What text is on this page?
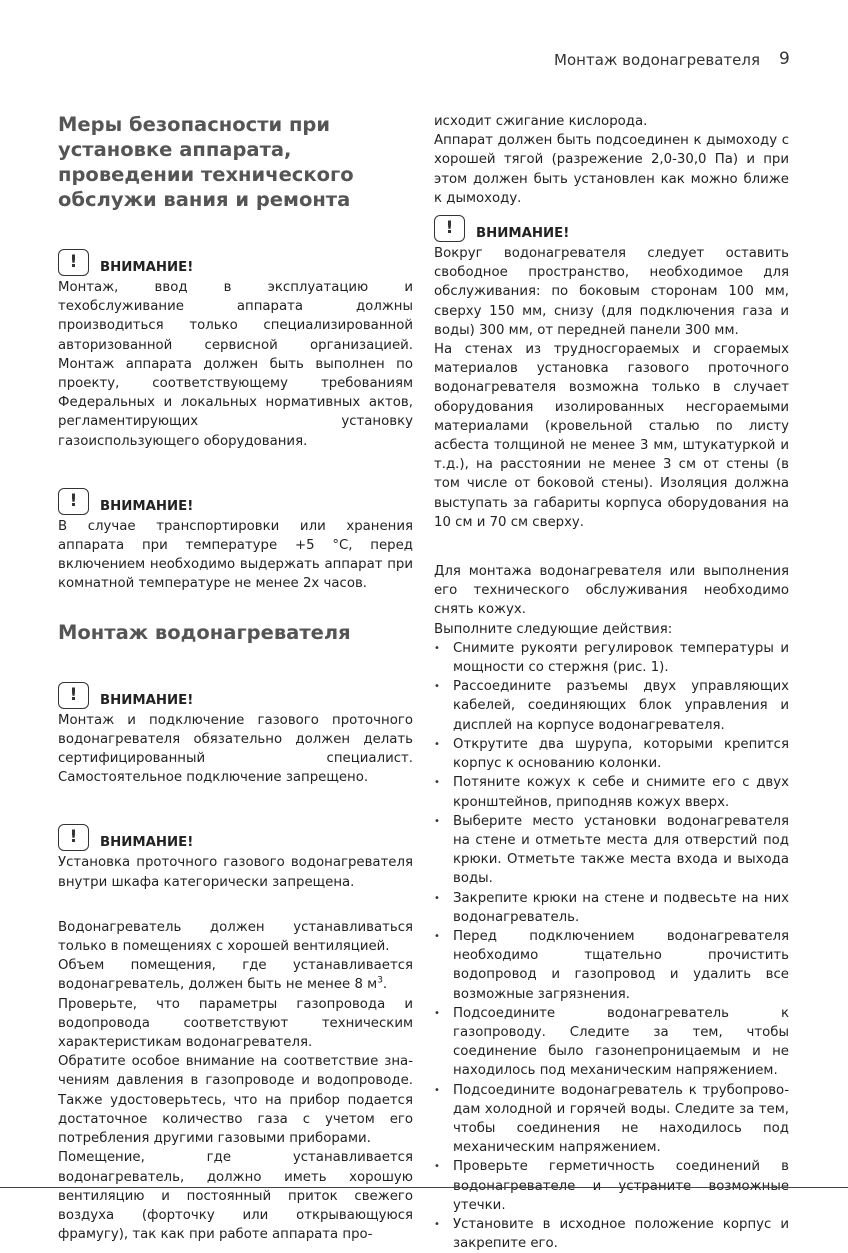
Монтаж водонагревателя 9
Меры безопасности при установке аппарата, проведении технического обслужи вания и ремонта
!	ВНИМАНИЕ!

Монтаж, ввод в эксплуатацию и техобслуживание аппарата должны производиться только специализированной авторизованной сервисной организацией. Монтаж аппарата должен быть выполнен по проекту, соответствующему требованиям Федеральных и локальных нормативных актов, регламентирующих установку газоиспользующего оборудования.

!	ВНИМАНИЕ!

В случае транспортировки или хранения аппарата при температуре +5 °С, перед включением необходимо выдержать аппарат при комнатной температуре не менее 2х часов.

Монтаж водонагревателя
!	ВНИМАНИЕ!

Монтаж и подключение газового проточного водонагревателя обязательно должен делать сертифицированный специалист. Самостоятельное подключение запрещено.

!	ВНИМАНИЕ!

Установка проточного газового водонагревателя внутри шкафа категорически запрещена.

Водонагреватель должен устанавливаться только в помещениях с хорошей вентиляцией.

Объем помещения, где устанавливается водонагреватель, должен быть не менее 8 $м^3$.

Проверьте, что параметры газопровода и водопровода соответствуют техническим характеристикам водонагревателя.

Обратите особое внимание на соответствие значениям давления в газопроводе и водопроводе. Также удостоверьтесь, что на прибор подается достаточное количество газа с учетом его потребления другими газовыми приборами.

Помещение, где устанавливается водонагреватель, должно иметь хорошую вентиляцию и постоянный приток свежего воздуха (форточку или открывающуюся фрамугу), так как при работе аппарата про-

исходит сжигание кислорода.

Аппарат должен быть подсоединен к дымоходу с хорошей тягой (разрежение 2,0-30,0 Па) и при этом должен быть установлен как можно ближе к дымоходу.

!	ВНИМАНИЕ!

Вокруг водонагревателя следует оставить свободное пространство, необходимое для обслуживания: по боковым сторонам 100 мм, сверху 150 мм, снизу (для подключения газа и воды) 300 мм, от передней панели 300 мм.

На стенах из трудносгораемых и сгораемых материалов установка газового проточного водонагревателя возможна только в случает оборудования изолированных несгораемыми материалами (кровельной сталью по листу асбеста толщиной не менее 3 мм, штукатуркой и т.д.), на расстоянии не менее 3 см от стены (в том числе от боковой стены). Изоляция должна выступать за габариты корпуса оборудования на 10 см и 70 см сверху.

Для монтажа водонагревателя или выполнения его технического обслуживания необходимо снять кожух.

Выполните следующие действия:

• Снимите рукояти регулировок температуры и мощности со стержня (рис. 1).
• Рассоедините разъемы двух управляющих кабелей, соединяющих блок управления и дисплей на корпусе водонагревателя.
• Открутите два шурупа, которыми крепится корпус к основанию колонки.
• Потяните кожух к себе и снимите его с двух кронштейнов, приподняв кожух вверх.
• Выберите место установки водонагревателя на стене и отметьте места для отверстий под крюки. Отметьте также места входа и выхода воды.
• Закрепите крюки на стене и подвесьте на них водонагреватель.
• Перед подключением водонагревателя необходимо тщательно прочистить водопровод и газопровод и удалить все возможные загрязнения.
• Подсоедините водонагреватель к газопроводу. Следите за тем, чтобы соединение было газонепроницаемым и не находилось под механическим напряжением.
• Подсоедините водонагреватель к трубопроводам холодной и горячей воды. Следите за тем, чтобы соединения не находилось под механическим напряжением.
• Проверьте герметичность соединений в утечки.
• Установите в исходное положение корпус и закрепите его.
